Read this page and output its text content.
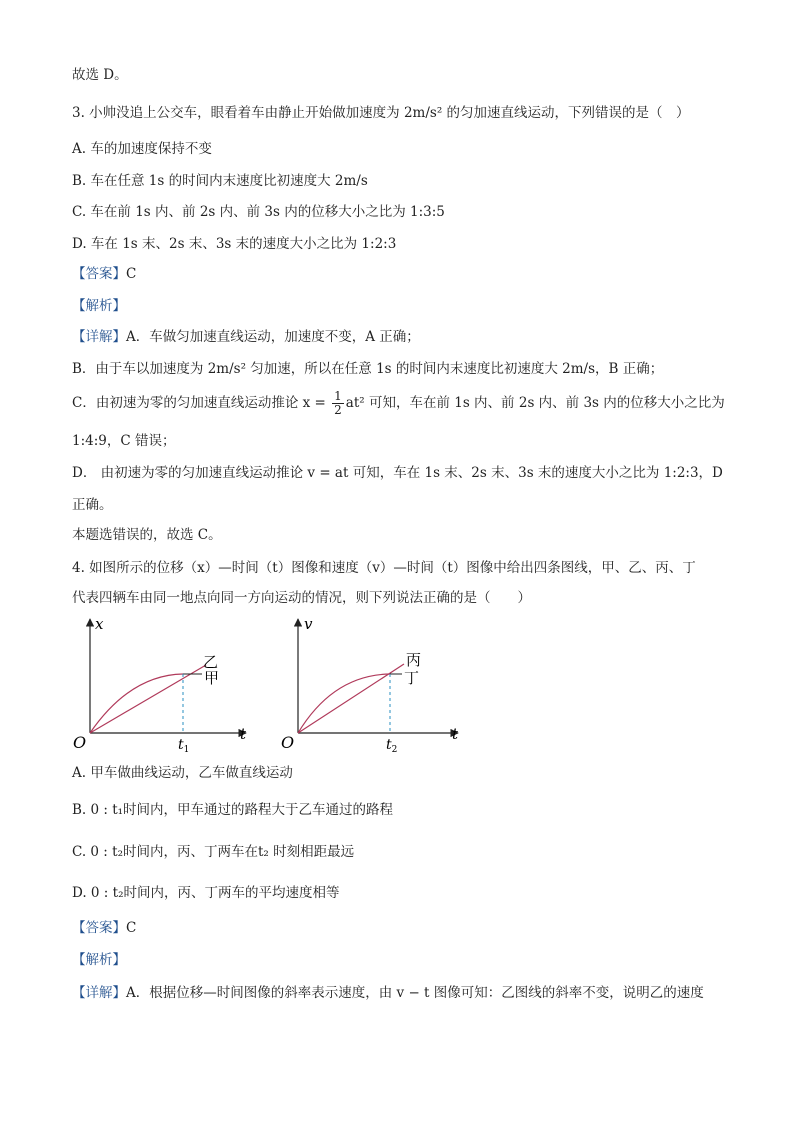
故选 D。
3. 小帅没追上公交车，眼看着车由静止开始做加速度为 2m/s² 的匀加速直线运动，下列错误的是（　）
A. 车的加速度保持不变
B. 车在任意 1s 的时间内末速度比初速度大 2m/s
C. 车在前 1s 内、前 2s 内、前 3s 内的位移大小之比为 1:3:5
D. 车在 1s 末、2s 末、3s 末的速度大小之比为 1:2:3
【答案】C
【解析】
【详解】A．车做匀加速直线运动，加速度不变，A 正确；
B．由于车以加速度为 2m/s² 匀加速，所以在任意 1s 的时间内末速度比初速度大 2m/s，B 正确；
C．由初速为零的匀加速直线运动推论 $x = \frac{1}{2} at^2$ 可知，车在前 1s 内、前 2s 内、前 3s 内的位移大小之比为
1:4:9，C 错误；
D． 由初速为零的匀加速直线运动推论 v = at 可知，车在 1s 末、2s 末、3s 末的速度大小之比为 1:2:3，D
正确。
本题选错误的，故选 C。
4. 如图所示的位移（x）—时间（t）图像和速度（v）—时间（t）图像中给出四条图线，甲、乙、丙、丁
代表四辆车由同一地点向同一方向运动的情况，则下列说法正确的是（　　）
x
t
O
乙
甲
$t_1$
v
t
O
丙
丁
$t_2$
A. 甲车做曲线运动，乙车做直线运动
B. 0 : t₁时间内，甲车通过的路程大于乙车通过的路程
C. 0 : t₂时间内，丙、丁两车在t₂ 时刻相距最远
D. 0 : t₂时间内，丙、丁两车的平均速度相等
【答案】C
【解析】
【详解】A．根据位移—时间图像的斜率表示速度，由 v − t 图像可知：乙图线的斜率不变，说明乙的速度
